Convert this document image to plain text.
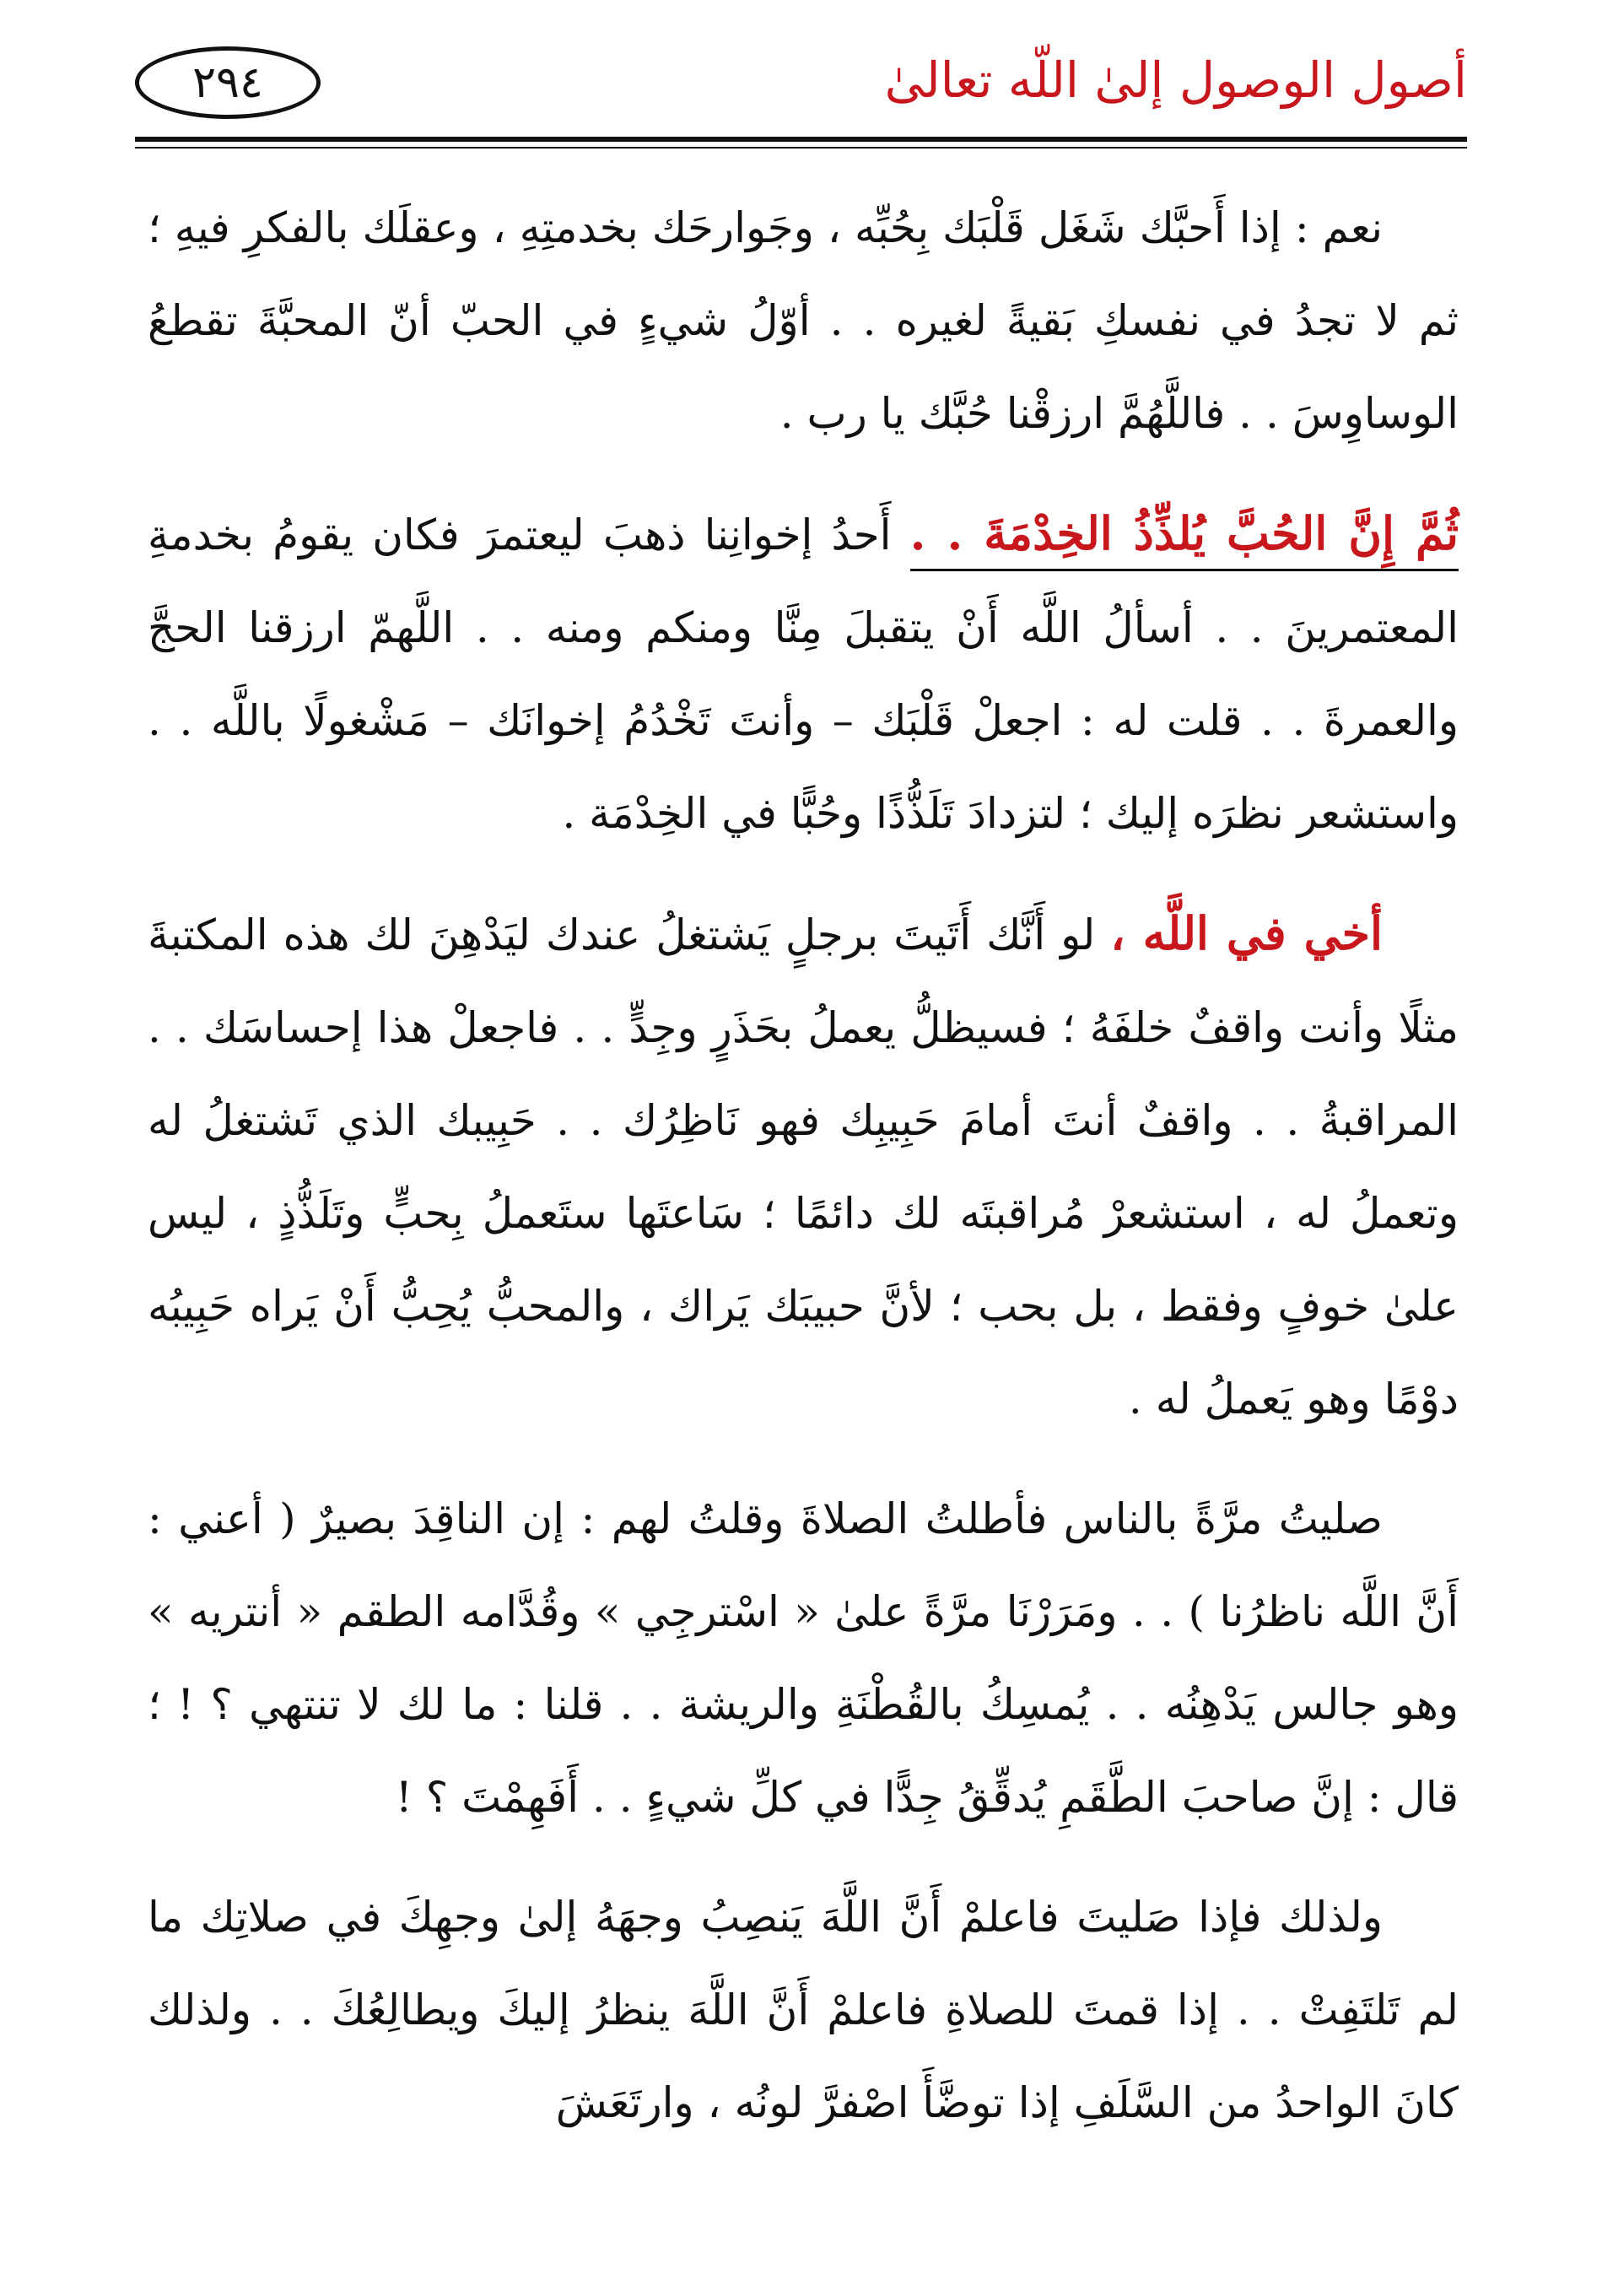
٢٩٤	أصول الوصول إلىٰ اللّه تعالىٰ

نعم : إذا أَحبَّك شَغَل قَلْبَك بِحُبِّه ، وجَوارحَك بخدمتِهِ ، وعقلَك بالفكرِ فيهِ ؛ ثم لا تجدُ في نفسكِ بَقيةً لغيره . . أوّلُ شيءٍ في الحبّ أنّ المحبَّةَ تقطعُ الوساوِسَ . . فاللَّهُمَّ ارزقْنا حُبَّك يا رب .

ثُمَّ إِنَّ الحُبَّ يُلذِّذُ الخِدْمَةَ . . أَحدُ إخوانِنا ذهبَ ليعتمرَ فكان يقومُ بخدمةِ المعتمرينَ . . أسألُ اللَّه أَنْ يتقبلَ مِنَّا ومنكم ومنه . . اللَّهمّ ارزقنا الحجَّ والعمرةَ . . قلت له : اجعلْ قَلْبَك – وأنتَ تَخْدُمُ إخوانَك – مَشْغولًا باللَّه . . واستشعر نظرَه إليك ؛ لتزدادَ تَلَذُّذًا وحُبًّا في الخِدْمَة .

أخي في اللَّه ، لو أَنَّك أَتَيتَ برجلٍ يَشتغلُ عندك ليَدْهِنَ لك هذه المكتبةَ مثلًا وأنت واقفٌ خلفَهُ ؛ فسيظلُّ يعملُ بحَذَرٍ وجِدٍّ . . فاجعلْ هذا إحساسَك . . المراقبةُ . . واقفٌ أنتَ أمامَ حَبِيبِك فهو نَاظِرُك . . حَبِيبك الذي تَشتغلُ له وتعملُ له ، استشعرْ مُراقبتَه لك دائمًا ؛ سَاعتَها ستَعملُ بِحبٍّ وتَلَذُّذٍ ، ليس علىٰ خوفٍ وفقط ، بل بحب ؛ لأنَّ حبيبَك يَراك ، والمحبُّ يُحِبُّ أَنْ يَراه حَبِيبُه دوْمًا وهو يَعملُ له .

صليتُ مرَّةً بالناس فأطلتُ الصلاةَ وقلتُ لهم : إن الناقِدَ بصيرٌ ( أعني : أَنَّ اللَّه ناظرُنا ) . . ومَرَرْنَا مرَّةً علىٰ « اسْترجِي » وقُدَّامه الطقم « أنتريه » وهو جالس يَدْهِنُه . . يُمسِكُ بالقُطْنَةِ والريشة . . قلنا : ما لك لا تنتهي ؟ ! ؛ قال : إنَّ صاحبَ الطَّقَمِ يُدقِّقُ جِدًّا في كلِّ شيءٍ . . أَفَهِمْتَ ؟ !

ولذلك فإذا صَليتَ فاعلمْ أَنَّ اللَّهَ يَنصِبُ وجهَهُ إلىٰ وجهِكَ في صلاتِك ما لم تَلتَفِتْ . . إذا قمتَ للصلاةِ فاعلمْ أَنَّ اللَّهَ ينظرُ إليكَ ويطالِعُكَ . . ولذلك كانَ الواحدُ من السَّلَفِ إذا توضَّأَ اصْفرَّ لونُه ، وارتَعَشَ
